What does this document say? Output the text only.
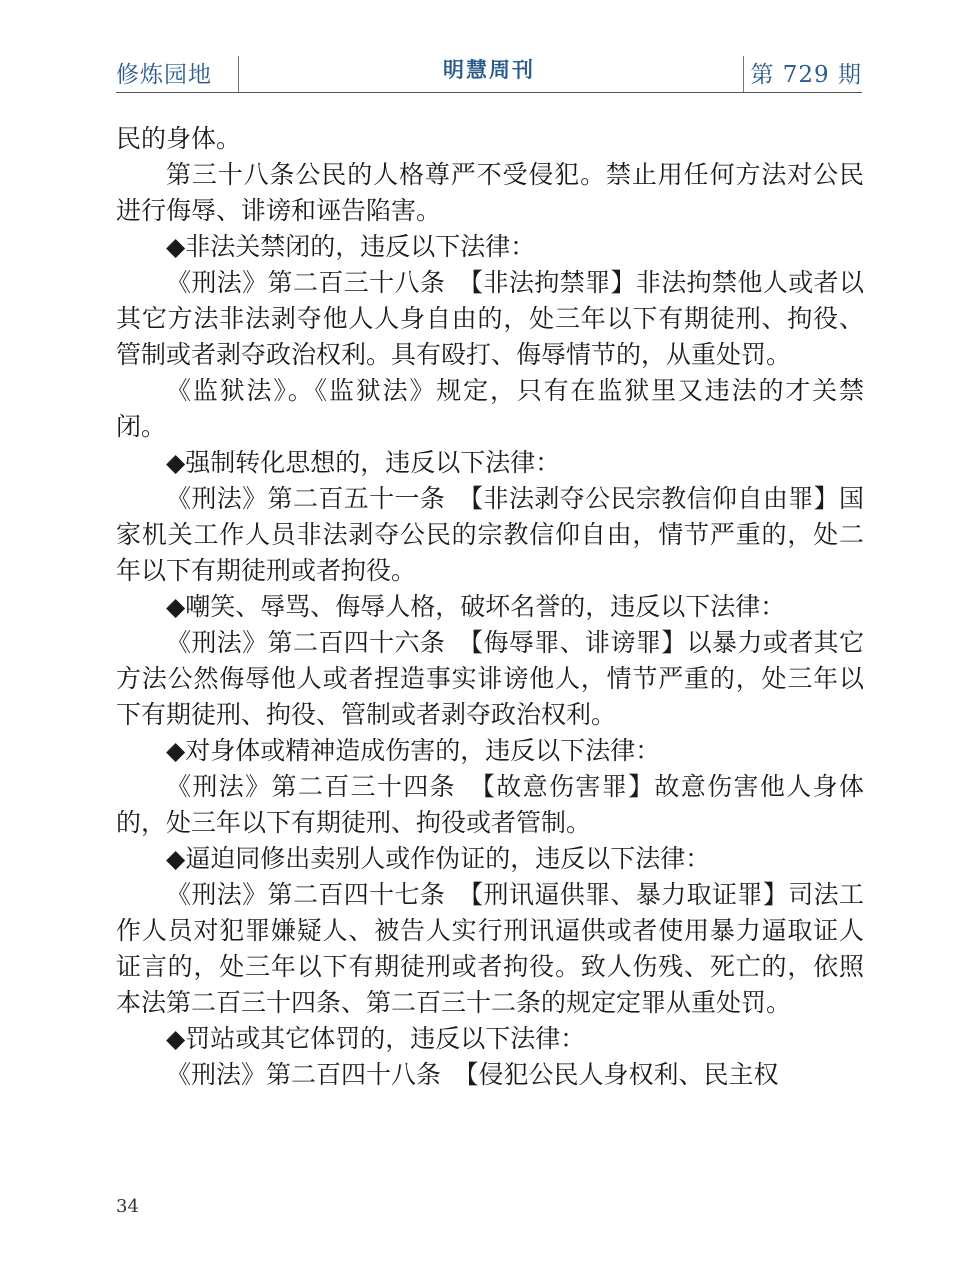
修炼园地	明慧周刊	第 729 期

民的身体。

第三十八条公民的人格尊严不受侵犯。禁止用任何方法对公民进行侮辱、诽谤和诬告陷害。

◆非法关禁闭的，违反以下法律：

《刑法》第二百三十八条　【非法拘禁罪】非法拘禁他人或者以其它方法非法剥夺他人人身自由的，处三年以下有期徒刑、拘役、管制或者剥夺政治权利。具有殴打、侮辱情节的，从重处罚。

《监狱法》。《监狱法》规定，只有在监狱里又违法的才关禁闭。

◆强制转化思想的，违反以下法律：

《刑法》第二百五十一条　【非法剥夺公民宗教信仰自由罪】国家机关工作人员非法剥夺公民的宗教信仰自由，情节严重的，处二年以下有期徒刑或者拘役。

◆嘲笑、辱骂、侮辱人格，破坏名誉的，违反以下法律：

《刑法》第二百四十六条　【侮辱罪、诽谤罪】以暴力或者其它方法公然侮辱他人或者捏造事实诽谤他人，情节严重的，处三年以下有期徒刑、拘役、管制或者剥夺政治权利。

◆对身体或精神造成伤害的，违反以下法律：

《刑法》第二百三十四条　【故意伤害罪】故意伤害他人身体的，处三年以下有期徒刑、拘役或者管制。

◆逼迫同修出卖别人或作伪证的，违反以下法律：

《刑法》第二百四十七条　【刑讯逼供罪、暴力取证罪】司法工作人员对犯罪嫌疑人、被告人实行刑讯逼供或者使用暴力逼取证人证言的，处三年以下有期徒刑或者拘役。致人伤残、死亡的，依照本法第二百三十四条、第二百三十二条的规定定罪从重处罚。

◆罚站或其它体罚的，违反以下法律：

《刑法》第二百四十八条　【侵犯公民人身权利、民主权

34
